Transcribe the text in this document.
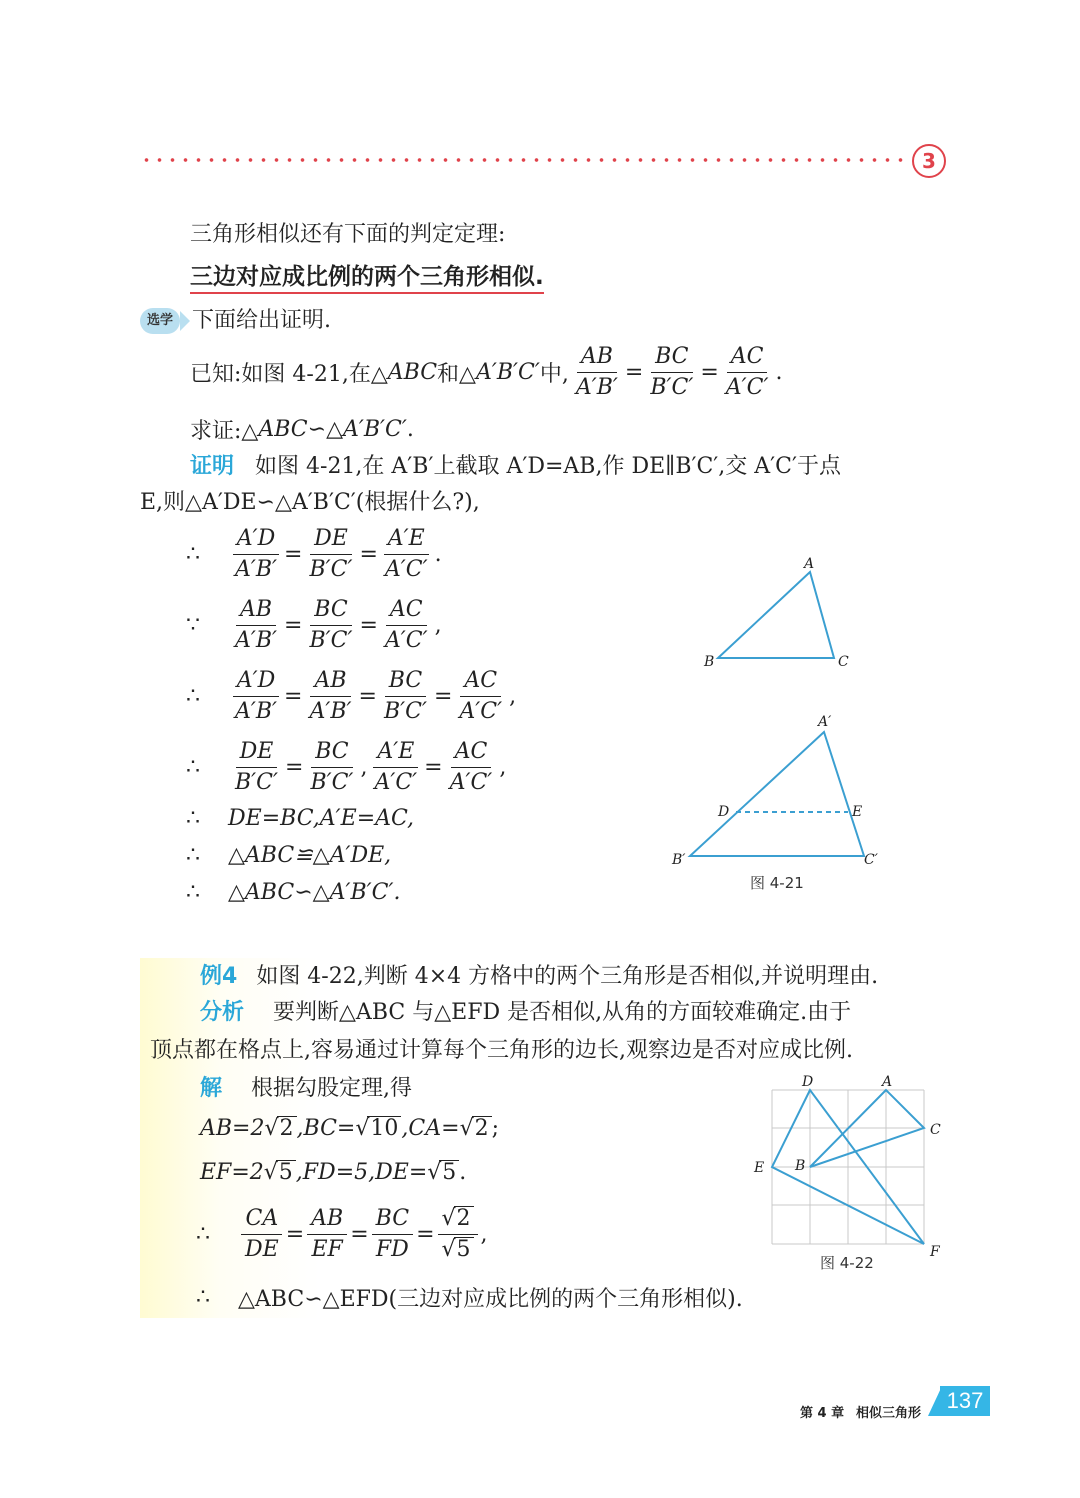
3
三角形相似还有下面的判定定理:
三边对应成比例的两个三角形相似.
选学 下面给出证明.
已知:如图 4-21,在△ ABC 和△ A′B′C′ 中, $\frac{AB}{A'B'} = \frac{BC}{B'C'} = \frac{AC}{A'C'}$ .
求证:△ ABC ∽△ A′B′C′ .
证明 如图 4-21,在 A′B′上截取 A′D=AB,作 DE∥B′C′,交 A′C′于点
E,则△A′DE∽△A′B′C′(根据什么?),
∴	$\frac{A'D}{A'B'} = \frac{DE}{B'C'} = \frac{A'E}{A'C'}$ .
∵	$\frac{AB}{A'B'} = \frac{BC}{B'C'} = \frac{AC}{A'C'}$ ,
∴	$\frac{A'D}{A'B'} = \frac{AB}{A'B'} = \frac{BC}{B'C'} = \frac{AC}{A'C'}$ ,
∴	$\frac{DE}{B'C'} = \frac{BC}{B'C'}$ , $\frac{A'E}{A'C'} = \frac{AC}{A'C'}$ ,
∴	DE=BC,A′E=AC,
∴	△ABC≌△A′DE,
∴	△ABC∽△A′B′C′.
A
B	C
A′
B′	C′
D	E
图 4-21
例4 如图 4-22,判断 4×4 方格中的两个三角形是否相似,并说明理由.
分析 要判断△ABC 与△EFD 是否相似,从角的方面较难确定.由于
顶点都在格点上,容易通过计算每个三角形的边长,观察边是否对应成比例.
解 根据勾股定理,得
AB=2 √ 2 ,BC= √ 10 ,CA= √ 2 ;
EF=2 √ 5 ,FD=5,DE= √ 5 .
∴	$\frac{CA}{DE} = \frac{AB}{EF} = \frac{BC}{FD} = \frac{√2}{√5}$ ,
∴	△ABC∽△EFD(三边对应成比例的两个三角形相似).
D	A
C
E B
F
图 4-22
第 4 章 相似三角形
137
